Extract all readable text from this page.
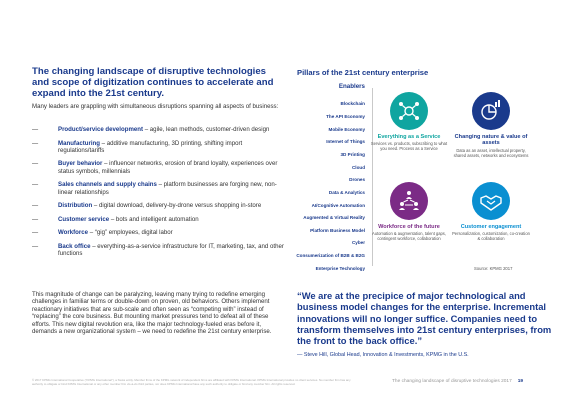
The changing landscape of disruptive technologies and scope of digitization continues to accelerate and expand into the 21st century.
Many leaders are grappling with simultaneous disruptions spanning all aspects of business:
—	Product/service development – agile, lean methods, customer-driven design
—	Manufacturing – additive manufacturing, 3D printing, shifting import regulations/tariffs
—	Buyer behavior – influencer networks, erosion of brand loyalty, experiences over status symbols, millennials
—	Sales channels and supply chains – platform businesses are forging new, non-linear relationships
—	Distribution – digital download, delivery-by-drone versus shopping in-store
—	Customer service – bots and intelligent automation
—	Workforce – “gig” employees, digital labor
—	Back office – everything-as-a-service infrastructure for IT, marketing, tax, and other functions
This magnitude of change can be paralyzing, leaving many trying to redefine emerging challenges in familiar terms or double-down on proven, old behaviors. Others implement reactionary initiatives that are sub-scale and often seen as “competing with” instead of “replacing” the core business. But mounting market pressures tend to defeat all of these efforts. This new digital revolution era, like the major technology-fueled eras before it, demands a new organizational system – we need to redefine the 21st century enterprise.
Pillars of the 21st century enterprise
Enablers
Blockchain
The API Economy
Mobile Economy
Internet of Things
3D Printing
Cloud
Drones
Data & Analytics
AI/Cognitive Automation
Augmented & Virtual Reality
Platform Business Model
Cyber
Consumerization of B2B & B2G
Enterprise Technology
Everything as a Service
Services vs. products, subscribing to what you need. Process as a Service
Changing nature & value of assets
Data as an asset, intellectual property, shared assets, networks and ecosystems
Workforce of the future
Automation & augmentation, talent gaps, contingent workforce, collaboration
Customer engagement
Personalization, customization, co-creation & collaboration
Source: KPMG 2017
“We are at the precipice of major technological and business model changes for the enterprise. Incremental innovations will no longer suffice. Companies need to transform themselves into 21st century enterprises, from the front to the back office.”
— Steve Hill, Global Head, Innovation & Investments, KPMG in the U.S.
© 2017 KPMG International Cooperative (“KPMG International”), a Swiss entity. Member firms of the KPMG network of independent firms are affiliated with KPMG International. KPMG International provides no client services. No member firm has any authority to obligate or bind KPMG International or any other member firm vis-à-vis third parties, nor does KPMG International have any such authority to obligate or bind any member firm. All rights reserved.	The changing landscape of disruptive technologies 2017 19
